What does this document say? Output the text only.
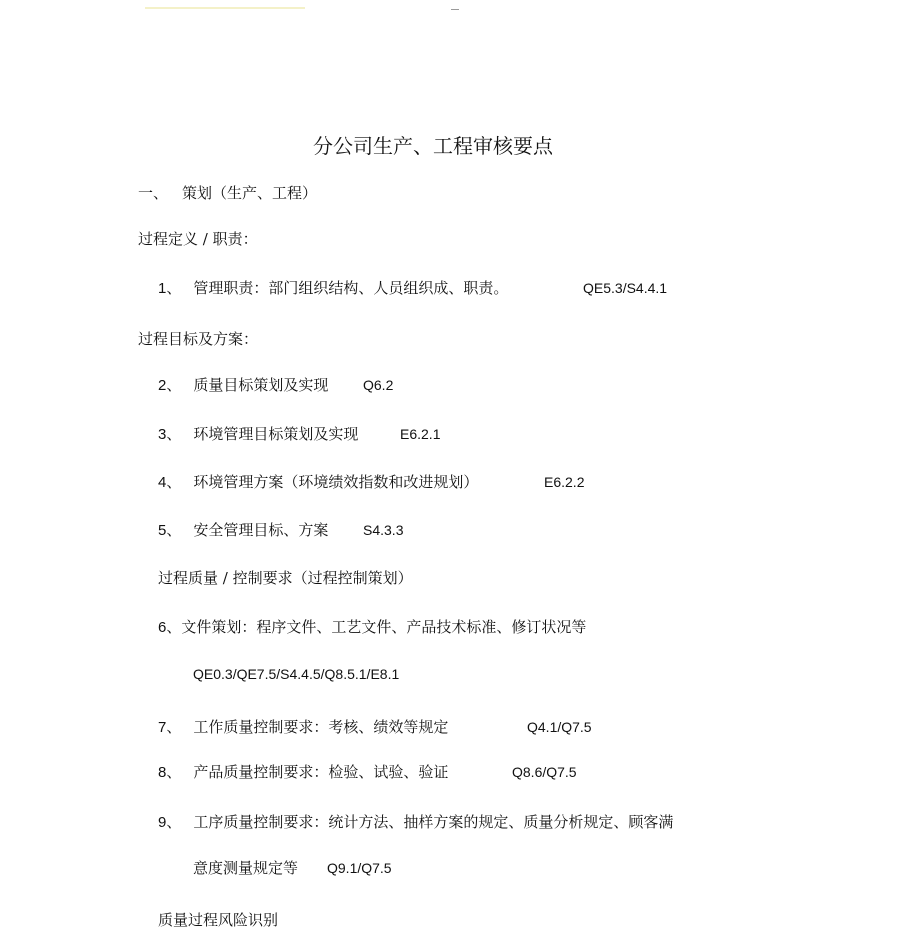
分公司生产、工程审核要点
一、 策划（生产、工程）
过程定义 / 职责：
1、 管理职责：部门组织结构、人员组织成、职责。	QE5.3/S4.4.1
过程目标及方案：
2、 质量目标策划及实现 Q6.2
3、 环境管理目标策划及实现	E6.2.1
4、 环境管理方案（环境绩效指数和改进规划）	E6.2.2
5、 安全管理目标、方案 S4.3.3
过程质量 / 控制要求（过程控制策划）
6、文件策划：程序文件、工艺文件、产品技术标准、修订状况等
QE0.3/QE7.5/S4.4.5/Q8.5.1/E8.1
7、 工作质量控制要求：考核、绩效等规定	Q4.1/Q7.5
8、 产品质量控制要求：检验、试验、验证	Q8.6/Q7.5
9、 工序质量控制要求：统计方法、抽样方案的规定、质量分析规定、顾客满
意度测量规定等 Q9.1/Q7.5
质量过程风险识别
